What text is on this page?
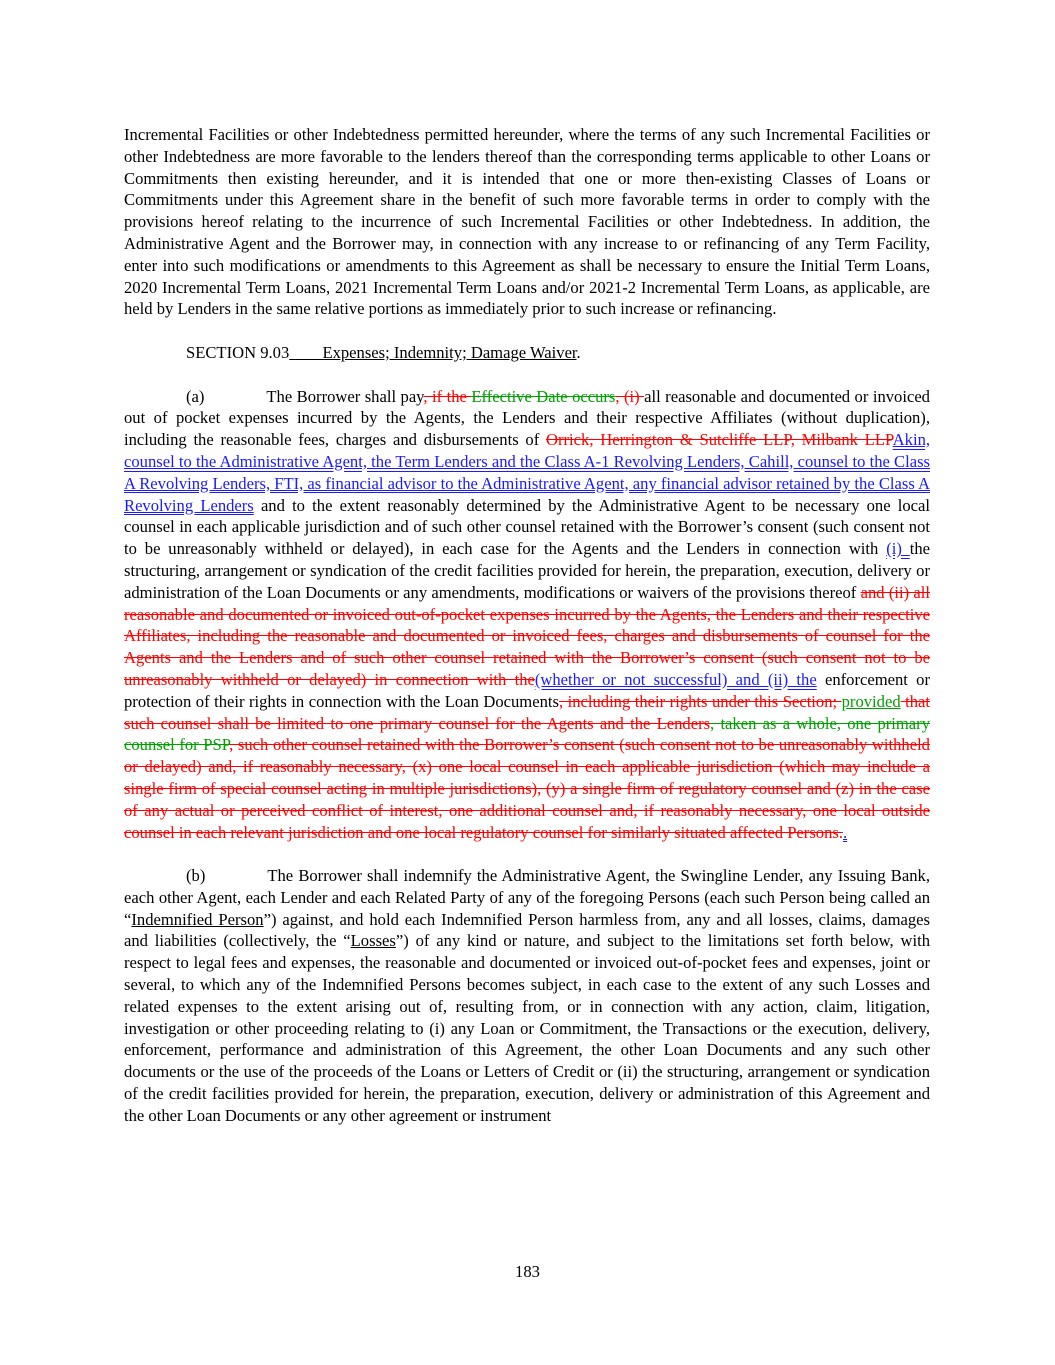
Incremental Facilities or other Indebtedness permitted hereunder, where the terms of any such Incremental Facilities or other Indebtedness are more favorable to the lenders thereof than the corresponding terms applicable to other Loans or Commitments then existing hereunder, and it is intended that one or more then-existing Classes of Loans or Commitments under this Agreement share in the benefit of such more favorable terms in order to comply with the provisions hereof relating to the incurrence of such Incremental Facilities or other Indebtedness. In addition, the Administrative Agent and the Borrower may, in connection with any increase to or refinancing of any Term Facility, enter into such modifications or amendments to this Agreement as shall be necessary to ensure the Initial Term Loans, 2020 Incremental Term Loans, 2021 Incremental Term Loans and/or 2021-2 Incremental Term Loans, as applicable, are held by Lenders in the same relative portions as immediately prior to such increase or refinancing.

SECTION 9.03   Expenses; Indemnity; Damage Waiver.

(a)	The Borrower shall pay, if the Effective Date occurs, (i) all reasonable and documented or invoiced out of pocket expenses incurred by the Agents, the Lenders and their respective Affiliates (without duplication), including the reasonable fees, charges and disbursements of Orrick, Herrington & Sutcliffe LLP, Milbank LLPAkin, counsel to the Administrative Agent, the Term Lenders and the Class A-1 Revolving Lenders, Cahill, counsel to the Class A Revolving Lenders, FTI, as financial advisor to the Administrative Agent, any financial advisor retained by the Class A Revolving Lenders and to the extent reasonably determined by the Administrative Agent to be necessary one local counsel in each applicable jurisdiction and of such other counsel retained with the Borrower’s consent (such consent not to be unreasonably withheld or delayed), in each case for the Agents and the Lenders in connection with (i) the structuring, arrangement or syndication of the credit facilities provided for herein, the preparation, execution, delivery or administration of the Loan Documents or any amendments, modifications or waivers of the provisions thereof and (ii) all reasonable and documented or invoiced out-of-pocket expenses incurred by the Agents, the Lenders and their respective Affiliates, including the reasonable and documented or invoiced fees, charges and disbursements of counsel for the Agents and the Lenders and of such other counsel retained with the Borrower’s consent (such consent not to be unreasonably withheld or delayed) in connection with the(whether or not successful) and (ii) the enforcement or protection of their rights in connection with the Loan Documents, including their rights under this Section; provided that such counsel shall be limited to one primary counsel for the Agents and the Lenders, taken as a whole, one primary counsel for PSP, such other counsel retained with the Borrower’s consent (such consent not to be unreasonably withheld or delayed) and, if reasonably necessary, (x) one local counsel in each applicable jurisdiction (which may include a single firm of special counsel acting in multiple jurisdictions), (y) a single firm of regulatory counsel and (z) in the case of any actual or perceived conflict of interest, one additional counsel and, if reasonably necessary, one local outside counsel in each relevant jurisdiction and one local regulatory counsel for similarly situated affected Persons..

(b)	The Borrower shall indemnify the Administrative Agent, the Swingline Lender, any Issuing Bank, each other Agent, each Lender and each Related Party of any of the foregoing Persons (each such Person being called an “Indemnified Person”) against, and hold each Indemnified Person harmless from, any and all losses, claims, damages and liabilities (collectively, the “Losses”) of any kind or nature, and subject to the limitations set forth below, with respect to legal fees and expenses, the reasonable and documented or invoiced out-of-pocket fees and expenses, joint or several, to which any of the Indemnified Persons becomes subject, in each case to the extent of any such Losses and related expenses to the extent arising out of, resulting from, or in connection with any action, claim, litigation, investigation or other proceeding relating to (i) any Loan or Commitment, the Transactions or the execution, delivery, enforcement, performance and administration of this Agreement, the other Loan Documents and any such other documents or the use of the proceeds of the Loans or Letters of Credit or (ii) the structuring, arrangement or syndication of the credit facilities provided for herein, the preparation, execution, delivery or administration of this Agreement and the other Loan Documents or any other agreement or instrument

183
